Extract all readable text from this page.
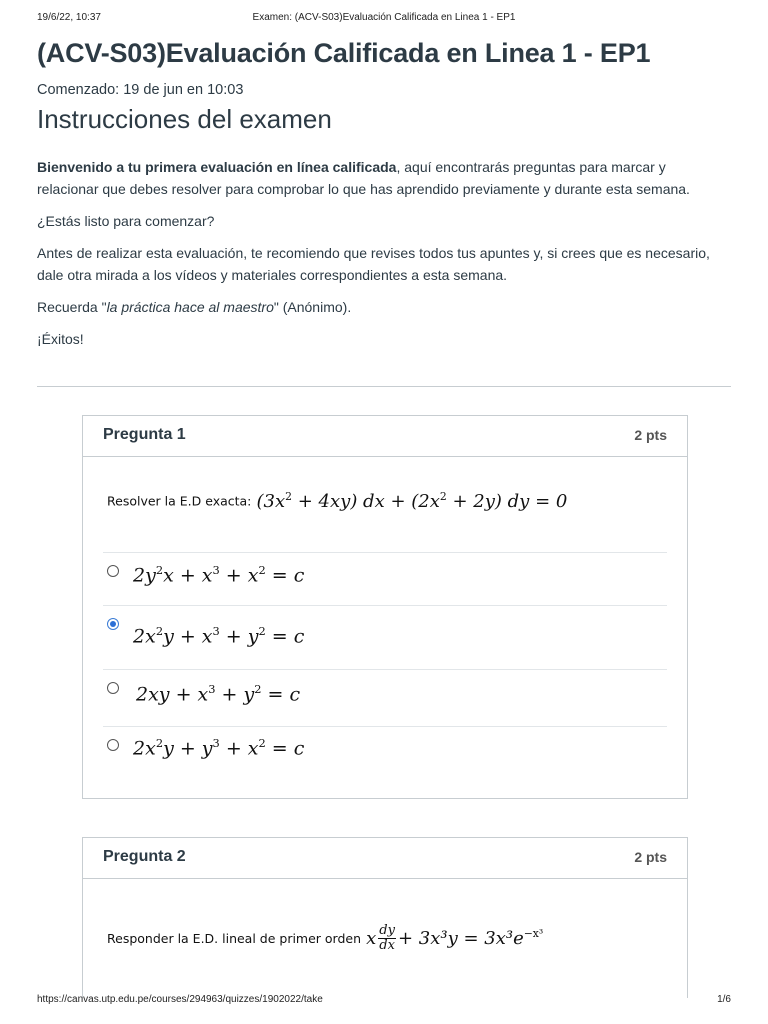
19/6/22, 10:37	Examen: (ACV-S03)Evaluación Calificada en Linea 1 - EP1
(ACV-S03)Evaluación Calificada en Linea 1 - EP1
Comenzado: 19 de jun en 10:03
Instrucciones del examen

Bienvenido a tu primera evaluación en línea calificada, aquí encontrarás preguntas para marcar y relacionar que debes resolver para comprobar lo que has aprendido previamente y durante esta semana.

¿Estás listo para comenzar?

Antes de realizar esta evaluación, te recomiendo que revises todos tus apuntes y, si crees que es necesario, dale otra mirada a los vídeos y materiales correspondientes a esta semana.

Recuerda "la práctica hace al maestro" (Anónimo).

¡Éxitos!

Pregunta 1	2 pts
Resolver la E.D exacta: $(3x^2 + 4xy)$ dx + $(2x^2 + 2y)$ dy = 0
$2y^2x + x^3 + x^2 = c$
$2x^2y + x^3 + y^2 = c$
$2xy + x^3 + y^2 = c$
$2x^2y + y^3 + x^2 = c$
Pregunta 2	2 pts
Responder la E.D. lineal de primer orden x $\frac{dy}{dx} + 3x^3y = 3x^3e^{-x^3}$
https://canvas.utp.edu.pe/courses/294963/quizzes/1902022/take	1/6
